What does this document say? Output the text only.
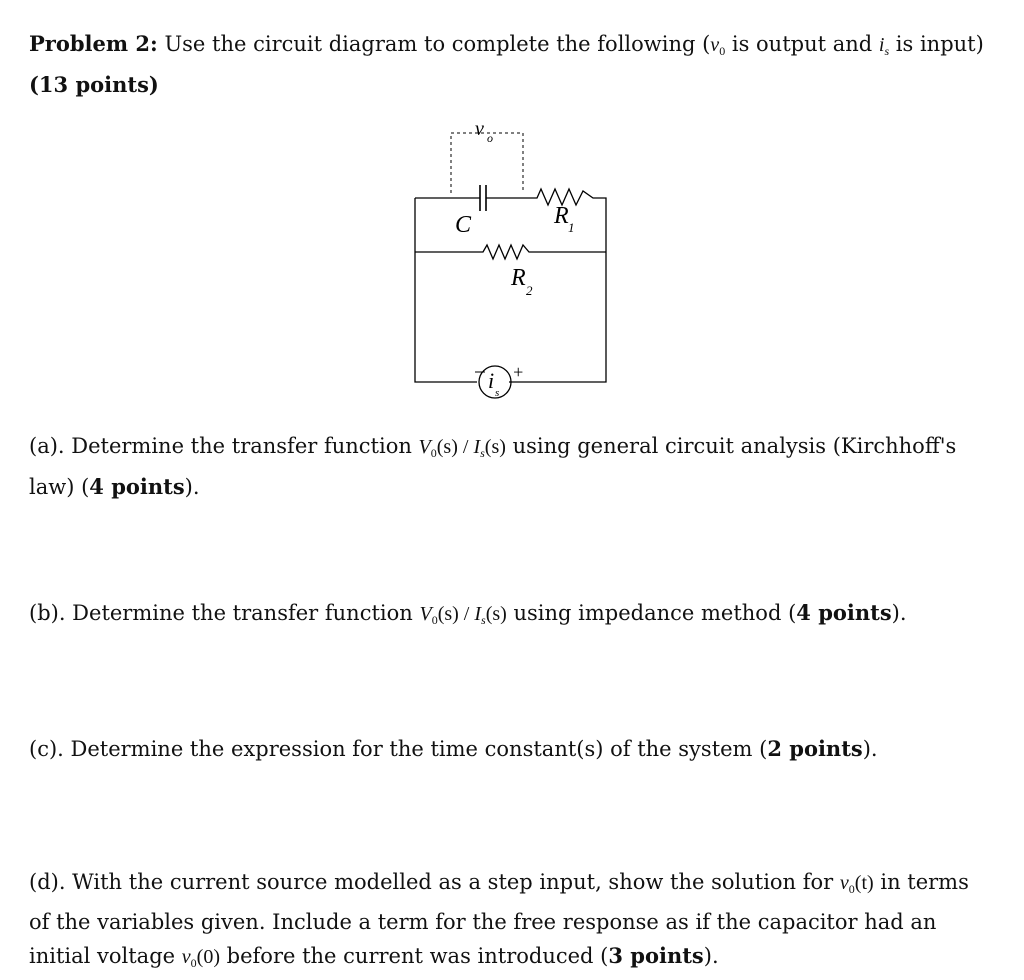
Problem 2: Use the circuit diagram to complete the following ($v_0$ is output and $i_s$ is input) (13 points)
v o
C	R 1
R 2
i s
+
(a). Determine the transfer function $V_0(s) / I_s(s)$ using general circuit analysis (Kirchhoff's law) (4 points).
(b). Determine the transfer function $V_0(s) / I_s(s)$ using impedance method (4 points).
(c). Determine the expression for the time constant(s) of the system (2 points).
(d). With the current source modelled as a step input, show the solution for $v_0(t)$ in terms of the variables given. Include a term for the free response as if the capacitor had an initial voltage $v_0(0)$ before the current was introduced (3 points).
